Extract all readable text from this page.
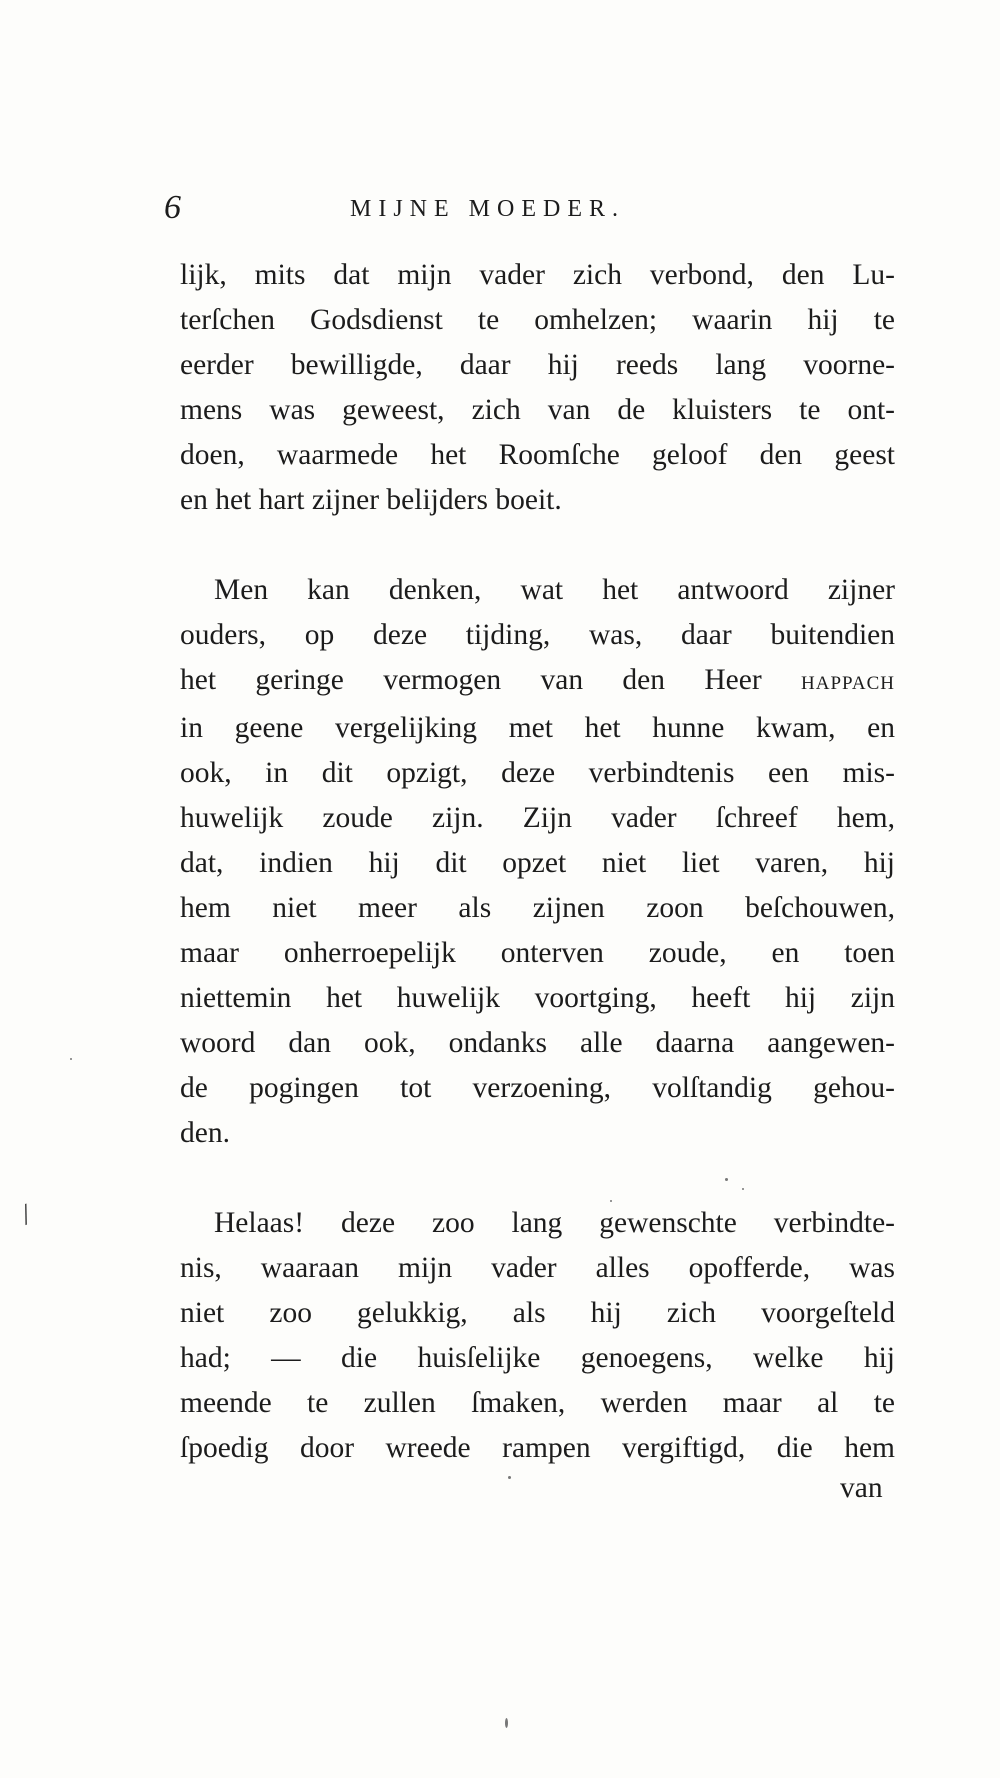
6	MIJNE MOEDER.
lijk, mits dat mijn vader zich verbond, den Lu-
terſchen Godsdienst te omhelzen; waarin hij te
eerder bewilligde, daar hij reeds lang voorne-
mens was geweest, zich van de kluisters te ont-
doen, waarmede het Roomſche geloof den geest
en het hart zijner belijders boeit.
Men kan denken, wat het antwoord zijner
ouders, op deze tijding, was, daar buitendien
het geringe vermogen van den Heer HAPPACH
in geene vergelijking met het hunne kwam, en
ook, in dit opzigt, deze verbindtenis een mis-
huwelijk zoude zijn. Zijn vader ſchreef hem,
dat, indien hij dit opzet niet liet varen, hij
hem niet meer als zijnen zoon beſchouwen,
maar onherroepelijk onterven zoude, en toen
niettemin het huwelijk voortging, heeft hij zijn
woord dan ook, ondanks alle daarna aangewen-
de pogingen tot verzoening, volſtandig gehou-
den.
Helaas! deze zoo lang gewenschte verbindte-
nis, waaraan mijn vader alles opofferde, was
niet zoo gelukkig, als hij zich voorgeſteld
had; — die huisſelijke genoegens, welke hij
meende te zullen ſmaken, werden maar al te
ſpoedig door wreede rampen vergiftigd, die hem
van
/
